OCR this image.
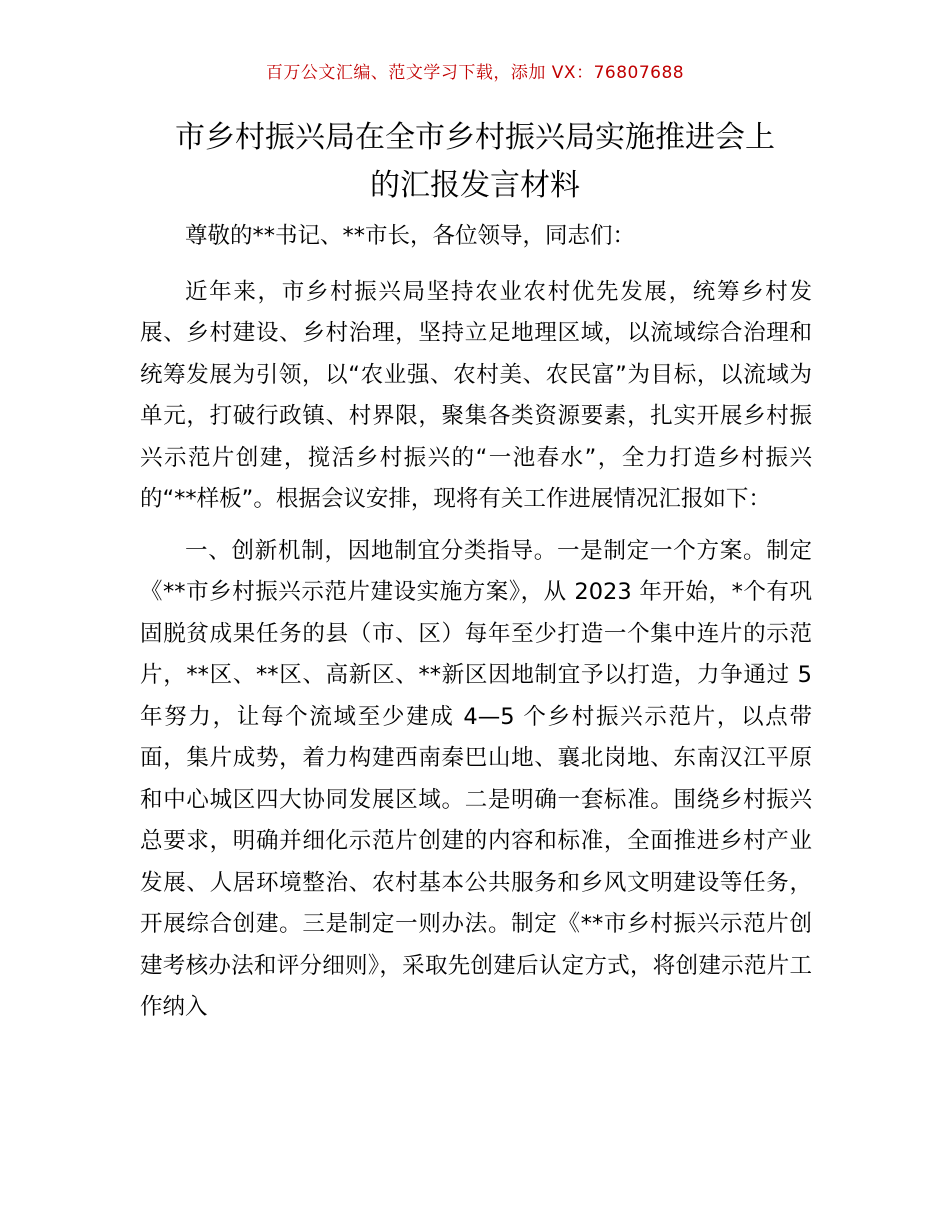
百万公文汇编、范文学习下载，添加 VX：76807688
市乡村振兴局在全市乡村振兴局实施推进会上
的汇报发言材料

尊敬的**书记、**市长，各位领导，同志们：

近年来，市乡村振兴局坚持农业农村优先发展，统筹乡村发展、乡村建设、乡村治理，坚持立足地理区域，以流域综合治理和统筹发展为引领，以“农业强、农村美、农民富”为目标，以流域为单元，打破行政镇、村界限，聚集各类资源要素，扎实开展乡村振兴示范片创建，搅活乡村振兴的“一池春水”，全力打造乡村振兴的“**样板”。根据会议安排，现将有关工作进展情况汇报如下：

一、创新机制，因地制宜分类指导。一是制定一个方案。制定《**市乡村振兴示范片建设实施方案》，从 2023 年开始，*个有巩固脱贫成果任务的县（市、区）每年至少打造一个集中连片的示范片，**区、**区、高新区、**新区因地制宜予以打造，力争通过 5 年努力，让每个流域至少建成 4—5 个乡村振兴示范片，以点带面，集片成势，着力构建西南秦巴山地、襄北岗地、东南汉江平原和中心城区四大协同发展区域。二是明确一套标准。围绕乡村振兴总要求，明确并细化示范片创建的内容和标准，全面推进乡村产业发展、人居环境整治、农村基本公共服务和乡风文明建设等任务，开展综合创建。三是制定一则办法。制定《**市乡村振兴示范片创建考核办法和评分细则》，采取先创建后认定方式，将创建示范片工作纳入
